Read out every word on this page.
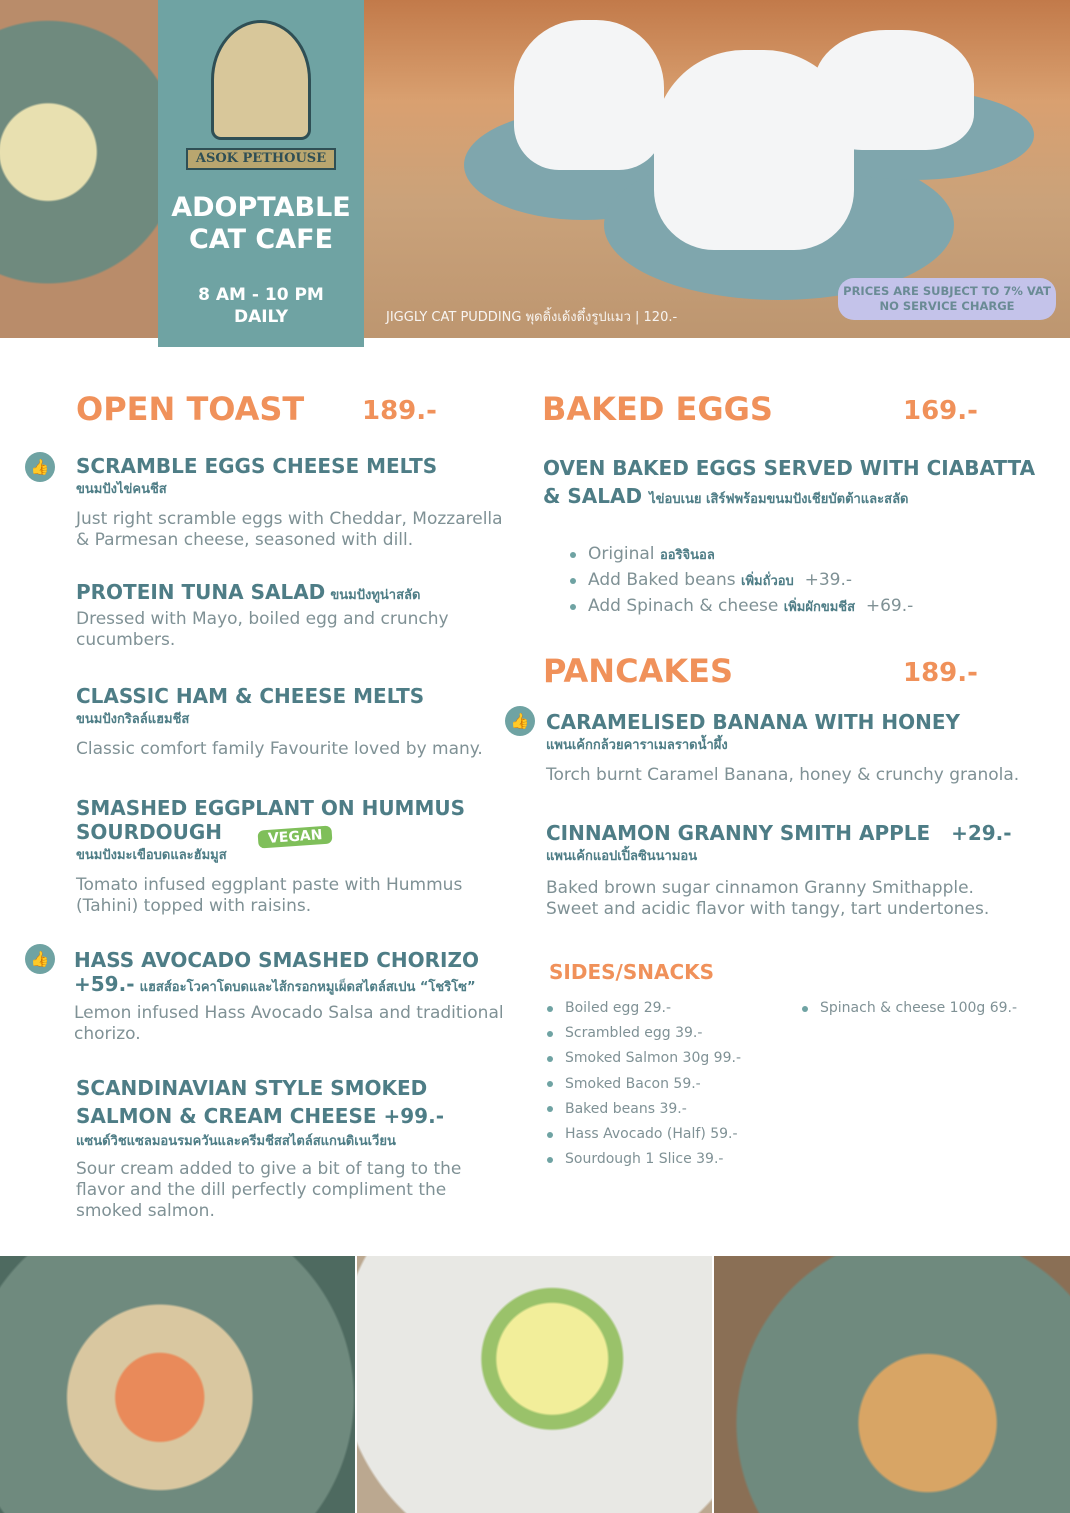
ASOK PETHOUSE
ADOPTABLE
CAT CAFE
8 AM - 10 PM
DAILY	JIGGLY CAT PUDDING พุดดิ้งเด้งดึ๋งรูปแมว | 120.-
PRICES ARE SUBJECT TO 7% VAT
NO SERVICE CHARGE
OPEN TOAST 189.-
👍 SCRAMBLE EGGS CHEESE MELTS
ขนมปังไข่คนชีส
Just right scramble eggs with Cheddar, Mozzarella & Parmesan cheese, seasoned with dill.
PROTEIN TUNA SALAD ขนมปังทูน่าสลัด
Dressed with Mayo, boiled egg and crunchy cucumbers.
CLASSIC HAM & CHEESE MELTS
ขนมปังกริลล์แฮมชีส
Classic comfort family Favourite loved by many.
SMASHED EGGPLANT ON HUMMUS SOURDOUGH
ขนมปังมะเขือบดและฮัมมูส
Tomato infused eggplant paste with Hummus (Tahini) topped with raisins.
VEGAN
👍 HASS AVOCADO SMASHED CHORIZO
+59.- แฮสส์อะโวคาโดบดและไส้กรอกหมูเผ็ดสไตล์สเปน “โชริโซ”
Lemon infused Hass Avocado Salsa and traditional chorizo.
SCANDINAVIAN STYLE SMOKED SALMON & CREAM CHEESE +99.-
แซนด์วิชแซลมอนรมควันและครีมชีสสไตล์สแกนดิเนเวียน
Sour cream added to give a bit of tang to the flavor and the dill perfectly compliment the smoked salmon.
BAKED EGGS	169.-
OVEN BAKED EGGS SERVED WITH CIABATTA & SALAD ไข่อบเนย เสิร์ฟพร้อมขนมปังเชียบัตต้าและสลัด
Original ออริจินอล
Add Baked beans เพิ่มถั่วอบ +39.-
Add Spinach & cheese เพิ่มผักขมชีส +69.-
PANCAKES	189.-
👍 CARAMELISED BANANA WITH HONEY
แพนเค้กกล้วยคาราเมลราดน้ำผึ้ง
Torch burnt Caramel Banana, honey & crunchy granola.
CINNAMON GRANNY SMITH APPLE +29.-
แพนเค้กแอปเปิ้ลซินนามอน
Baked brown sugar cinnamon Granny Smithapple. Sweet and acidic flavor with tangy, tart undertones.
SIDES/SNACKS
Boiled egg 29.-
Scrambled egg 39.-
Smoked Salmon 30g 99.-
Smoked Bacon 59.-
Baked beans 39.-
Hass Avocado (Half) 59.-
Sourdough 1 Slice 39.-
Spinach & cheese 100g 69.-
